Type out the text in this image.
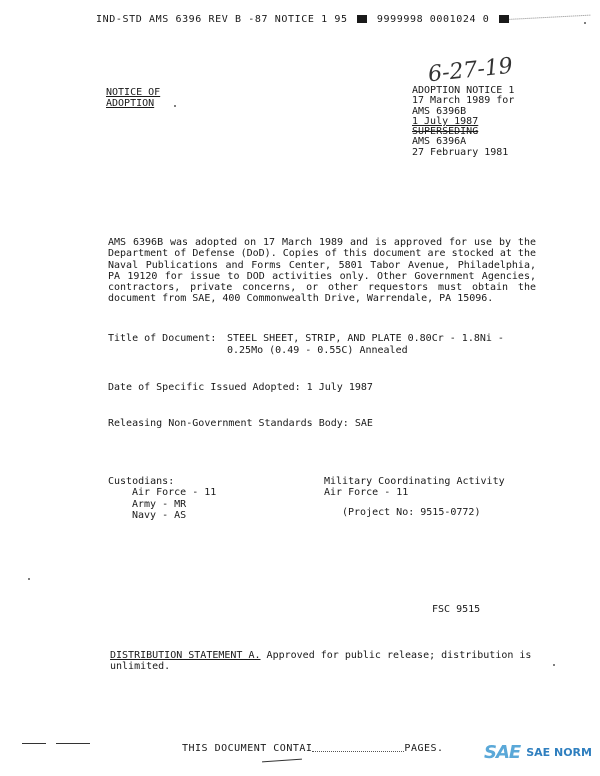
IND-STD AMS 6396 REV B -87 NOTICE 1 95	9999998 0001024 0
6-27-19
NOTICE OF
ADOPTION
ADOPTION NOTICE 1
17 March 1989 for
AMS 6396B
1 July 1987
SUPERSEDING
AMS 6396A
27 February 1981
AMS 6396B was adopted on 17 March 1989 and is approved for use by the Department of Defense (DoD). Copies of this document are stocked at the Naval Publications and Forms Center, 5801 Tabor Avenue, Philadelphia, PA 19120 for issue to DOD activities only. Other Government Agencies, contractors, private concerns, or other requestors must obtain the document from SAE, 400 Commonwealth Drive, Warrendale, PA 15096.
Title of Document: STEEL SHEET, STRIP, AND PLATE 0.80Cr - 1.8Ni -
0.25Mo (0.49 - 0.55C) Annealed
Date of Specific Issued Adopted: 1 July 1987
Releasing Non-Government Standards Body: SAE
Custodians:
Air Force - 11
Army - MR
Navy - AS
Military Coordinating Activity
Air Force - 11
(Project No: 9515-0772)
FSC 9515
DISTRIBUTION STATEMENT A. Approved for public release; distribution is unlimited.
THIS DOCUMENT CONTAI	PAGES. SAE SAE NORM
